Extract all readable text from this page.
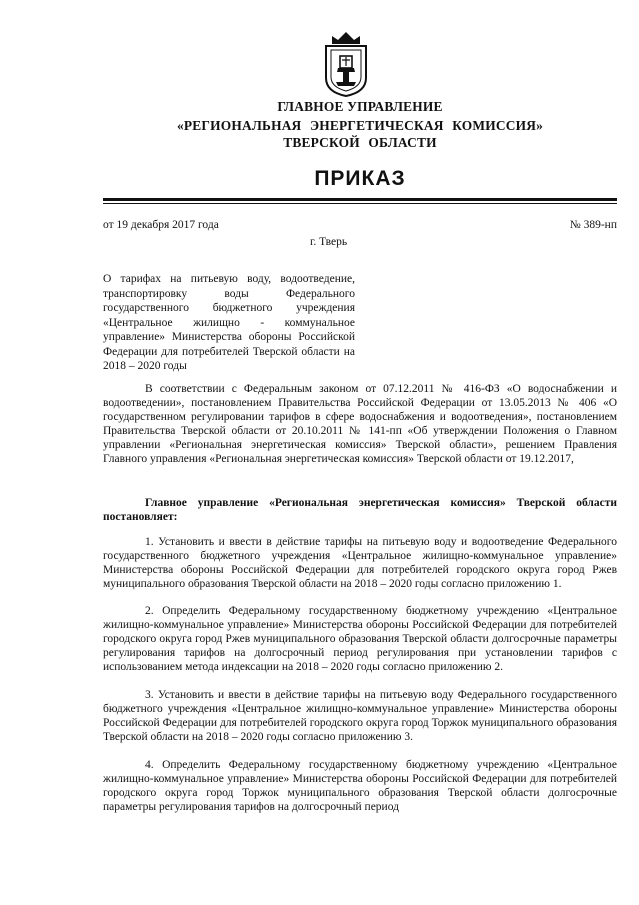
ГЛАВНОЕ УПРАВЛЕНИЕ
«РЕГИОНАЛЬНАЯ ЭНЕРГЕТИЧЕСКАЯ КОМИССИЯ»
ТВЕРСКОЙ ОБЛАСТИ
ПРИКАЗ
от 19 декабря 2017 года	№ 389-нп
г. Тверь
О тарифах на питьевую воду, водоотведение, транспортировку воды Федерального государственного бюджетного учреждения «Центральное жилищно - коммунальное управление» Министерства обороны Российской Федерации для потребителей Тверской области на 2018 – 2020 годы

В соответствии с Федеральным законом от 07.12.2011 № 416-ФЗ «О водоснабжении и водоотведении», постановлением Правительства Российской Федерации от 13.05.2013 № 406 «О государственном регулировании тарифов в сфере водоснабжения и водоотведения», постановлением Правительства Тверской области от 20.10.2011 № 141-пп «Об утверждении Положения о Главном управлении «Региональная энергетическая комиссия» Тверской области», решением Правления Главного управления «Региональная энергетическая комиссия» Тверской области от 19.12.2017,

Главное управление «Региональная энергетическая комиссия» Тверской области постановляет:

1. Установить и ввести в действие тарифы на питьевую воду и водоотведение Федерального государственного бюджетного учреждения «Центральное жилищно-коммунальное управление» Министерства обороны Российской Федерации для потребителей городского округа город Ржев муниципального образования Тверской области на 2018 – 2020 годы согласно приложению 1.

2. Определить Федеральному государственному бюджетному учреждению «Центральное жилищно-коммунальное управление» Министерства обороны Российской Федерации для потребителей городского округа город Ржев муниципального образования Тверской области долгосрочные параметры регулирования тарифов на долгосрочный период регулирования при установлении тарифов с использованием метода индексации на 2018 – 2020 годы согласно приложению 2.

3. Установить и ввести в действие тарифы на питьевую воду Федерального государственного бюджетного учреждения «Центральное жилищно-коммунальное управление» Министерства обороны Российской Федерации для потребителей городского округа город Торжок муниципального образования Тверской области на 2018 – 2020 годы согласно приложению 3.

4. Определить Федеральному государственному бюджетному учреждению «Центральное жилищно-коммунальное управление» Министерства обороны Российской Федерации для потребителей городского округа город Торжок муниципального образования Тверской области долгосрочные параметры регулирования тарифов на долгосрочный период
